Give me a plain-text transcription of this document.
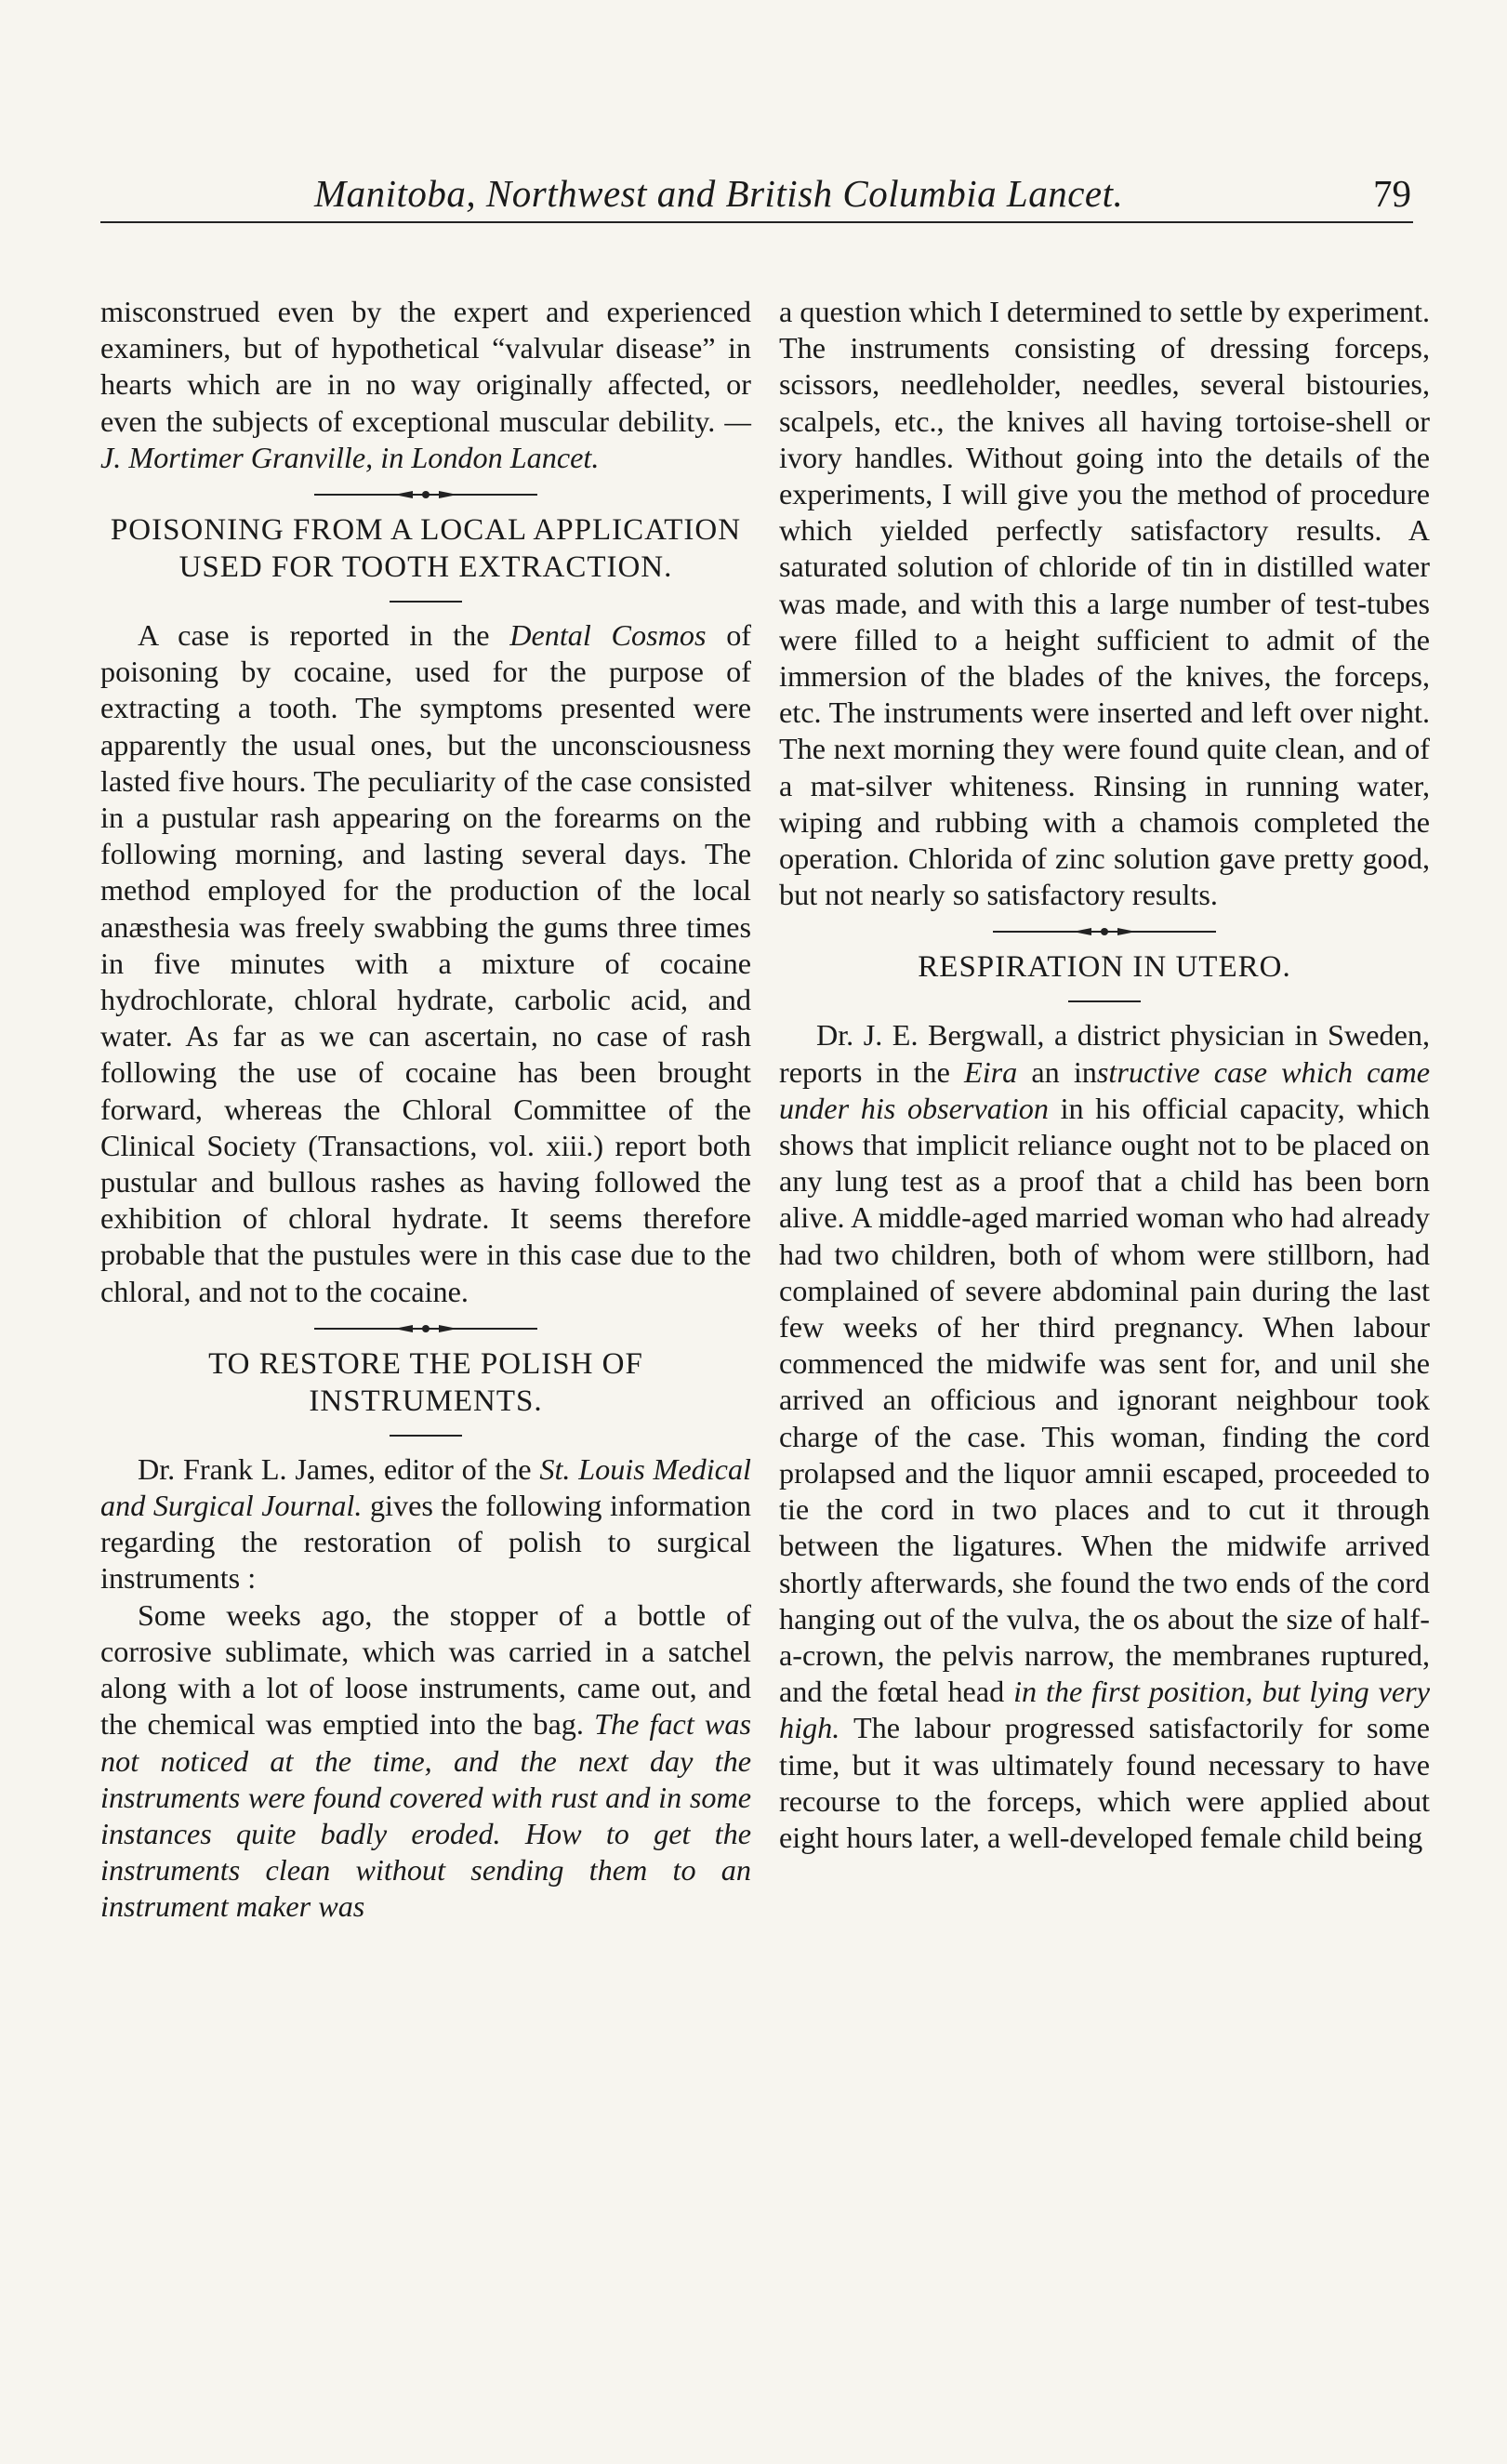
Manitoba, Northwest and British Columbia Lancet.	79

misconstrued even by the expert and experienced examiners, but of hypothetical “valvular disease” in hearts which are in no way originally affected, or even the subjects of exceptional muscular debility. —J. Mortimer Granville, in London Lancet.

POISONING FROM A LOCAL APPLICATION USED FOR TOOTH EXTRACTION.

A case is reported in the Dental Cosmos of poisoning by cocaine, used for the purpose of extracting a tooth. The symptoms presented were apparently the usual ones, but the unconsciousness lasted five hours. The peculiarity of the case consisted in a pustular rash appearing on the forearms on the following morning, and lasting several days. The method employed for the production of the local anæsthesia was freely swabbing the gums three times in five minutes with a mixture of cocaine hydrochlorate, chloral hydrate, carbolic acid, and water. As far as we can ascertain, no case of rash following the use of cocaine has been brought forward, whereas the Chloral Committee of the Clinical Society (Transactions, vol. xiii.) report both pustular and bullous rashes as having followed the exhibition of chloral hydrate. It seems therefore probable that the pustules were in this case due to the chloral, and not to the cocaine.

TO RESTORE THE POLISH OF INSTRUMENTS.

Dr. Frank L. James, editor of the St. Louis Medical and Surgical Journal. gives the following information regarding the restoration of polish to surgical instruments :

Some weeks ago, the stopper of a bottle of corrosive sublimate, which was carried in a satchel along with a lot of loose instruments, came out, and the chemical was emptied into the bag. The fact was not noticed at the time, and the next day the instruments were found covered with rust and in some instances quite badly eroded. How to get the instruments clean without sending them to an instrument maker was

a question which I determined to settle by experiment. The instruments consisting of dressing forceps, scissors, needleholder, needles, several bistouries, scalpels, etc., the knives all having tortoise-shell or ivory handles. Without going into the details of the experiments, I will give you the method of procedure which yielded perfectly satisfactory results. A saturated solution of chloride of tin in distilled water was made, and with this a large number of test-tubes were filled to a height sufficient to admit of the immersion of the blades of the knives, the forceps, etc. The instruments were inserted and left over night. The next morning they were found quite clean, and of a mat-silver whiteness. Rinsing in running water, wiping and rubbing with a chamois completed the operation. Chlorida of zinc solution gave pretty good, but not nearly so satisfactory results.

RESPIRATION IN UTERO.

Dr. J. E. Bergwall, a district physician in Sweden, reports in the Eira an instructive case which came under his observation in his official capacity, which shows that implicit reliance ought not to be placed on any lung test as a proof that a child has been born alive. A middle-aged married woman who had already had two children, both of whom were stillborn, had complained of severe abdominal pain during the last few weeks of her third pregnancy. When labour commenced the midwife was sent for, and unil she arrived an officious and ignorant neighbour took charge of the case. This woman, finding the cord prolapsed and the liquor amnii escaped, proceeded to tie the cord in two places and to cut it through between the ligatures. When the midwife arrived shortly afterwards, she found the two ends of the cord hanging out of the vulva, the os about the size of half-a-crown, the pelvis narrow, the membranes ruptured, and the fœtal head in the first position, but lying very high. The labour progressed satisfactorily for some time, but it was ultimately found necessary to have recourse to the forceps, which were applied about eight hours later, a well-developed female child being
